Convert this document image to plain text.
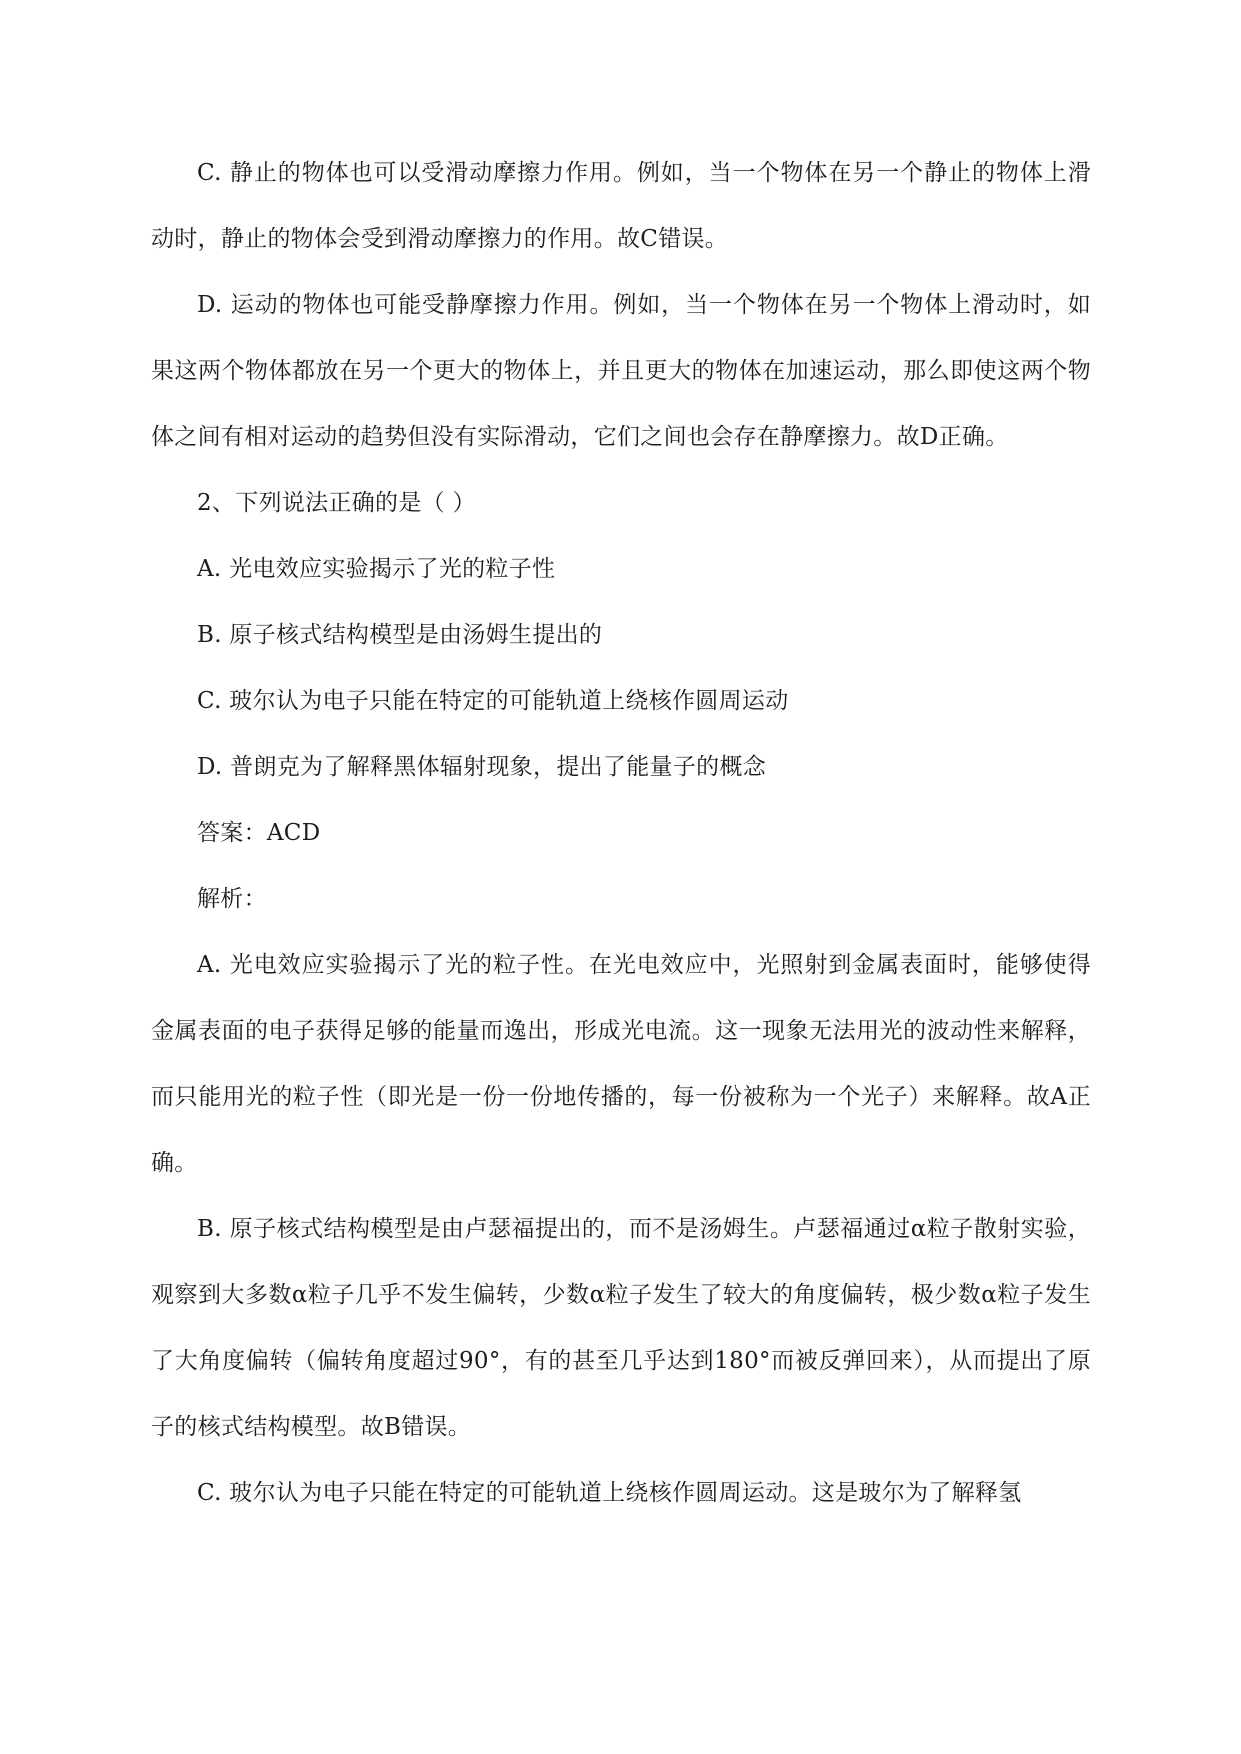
C. 静止的物体也可以受滑动摩擦力作用。例如，当一个物体在另一个静止的物体上滑动时，静止的物体会受到滑动摩擦力的作用。故C错误。

D. 运动的物体也可能受静摩擦力作用。例如，当一个物体在另一个物体上滑动时，如果这两个物体都放在另一个更大的物体上，并且更大的物体在加速运动，那么即使这两个物体之间有相对运动的趋势但没有实际滑动，它们之间也会存在静摩擦力。故D正确。

2、下列说法正确的是（ ）

A. 光电效应实验揭示了光的粒子性

B. 原子核式结构模型是由汤姆生提出的

C. 玻尔认为电子只能在特定的可能轨道上绕核作圆周运动

D. 普朗克为了解释黑体辐射现象，提出了能量子的概念

答案：ACD

解析：

A. 光电效应实验揭示了光的粒子性。在光电效应中，光照射到金属表面时，能够使得金属表面的电子获得足够的能量而逸出，形成光电流。这一现象无法用光的波动性来解释，而只能用光的粒子性（即光是一份一份地传播的，每一份被称为一个光子）来解释。故A正确。

B. 原子核式结构模型是由卢瑟福提出的，而不是汤姆生。卢瑟福通过α粒子散射实验，观察到大多数α粒子几乎不发生偏转，少数α粒子发生了较大的角度偏转，极少数α粒子发生了大角度偏转（偏转角度超过90°，有的甚至几乎达到180°而被反弹回来），从而提出了原子的核式结构模型。故B错误。

C. 玻尔认为电子只能在特定的可能轨道上绕核作圆周运动。这是玻尔为了解释氢
